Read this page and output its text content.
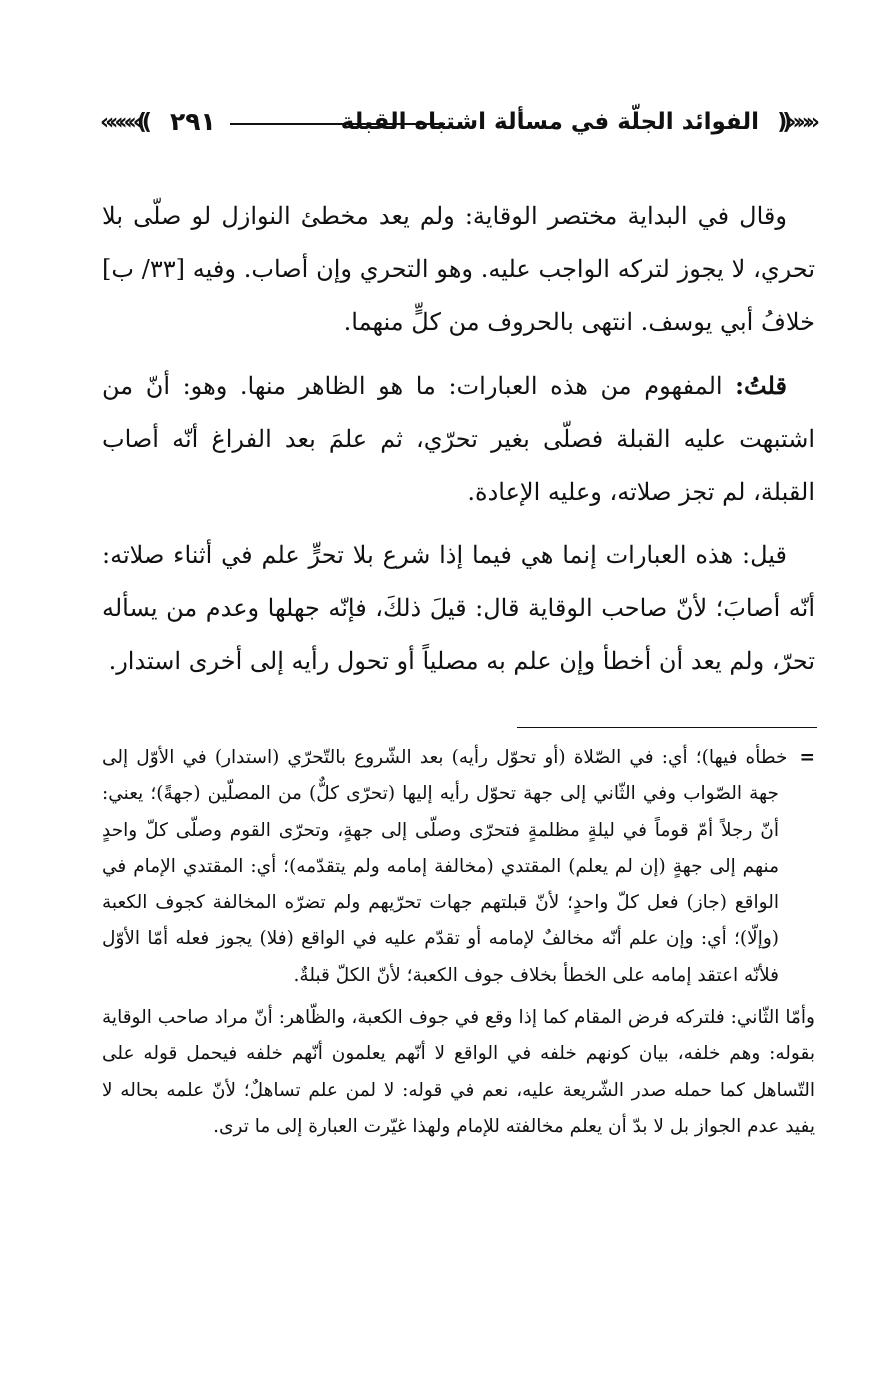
«««((
الفوائد الجلّة في مسألة اشتباه القبلة
٢٩١
))»»»»

وقال في البداية مختصر الوقاية: ولم يعد مخطئ النوازل لو صلّى بلا تحري، لا يجوز لتركه الواجب عليه. وهو التحري وإن أصاب. وفيه [٣٣/ ب] خلافُ أبي يوسف. انتهى بالحروف من كلٍّ منهما.

قلتُ: المفهوم من هذه العبارات: ما هو الظاهر منها. وهو: أنّ من اشتبهت عليه القبلة فصلّى بغير تحرّي، ثم علمَ بعد الفراغ أنّه أصاب القبلة، لم تجز صلاته، وعليه الإعادة.

قيل: هذه العبارات إنما هي فيما إذا شرع بلا تحرٍّ علم في أثناء صلاته: أنّه أصابَ؛ لأنّ صاحب الوقاية قال: قيلَ ذلكَ، فإنّه جهلها وعدم من يسأله تحرّ، ولم يعد أن أخطأ وإن علم به مصلياً أو تحول رأيه إلى أخرى استدار.

=خطأه فيها)؛ أي: في الصّلاة (أو تحوّل رأيه) بعد الشّروع بالتّحرّي (استدار) في الأوّل إلى جهة الصّواب وفي الثّاني إلى جهة تحوّل رأيه إليها (تحرّى كلٌّ) من المصلّين (جهةً)؛ يعني: أنّ رجلاً أمّ قوماً في ليلةٍ مظلمةٍ فتحرّى وصلّى إلى جهةٍ، وتحرّى القوم وصلّى كلّ واحدٍ منهم إلى جهةٍ (إن لم يعلم) المقتدي (مخالفة إمامه ولم يتقدّمه)؛ أي: المقتدي الإمام في الواقع (جاز) فعل كلّ واحدٍ؛ لأنّ قبلتهم جهات تحرّيهم ولم تضرّه المخالفة كجوف الكعبة (وإلّا)؛ أي: وإن علم أنّه مخالفٌ لإمامه أو تقدّم عليه في الواقع (فلا) يجوز فعله أمّا الأوّل فلأنّه اعتقد إمامه على الخطأ بخلاف جوف الكعبة؛ لأنّ الكلّ قبلةٌ.

وأمّا الثّاني: فلتركه فرض المقام كما إذا وقع في جوف الكعبة، والظّاهر: أنّ مراد صاحب الوقاية بقوله: وهم خلفه، بيان كونهم خلفه في الواقع لا أنّهم يعلمون أنّهم خلفه فيحمل قوله على التّساهل كما حمله صدر الشّريعة عليه، نعم في قوله: لا لمن علم تساهلٌ؛ لأنّ علمه بحاله لا يفيد عدم الجواز بل لا بدّ أن يعلم مخالفته للإمام ولهذا غيّرت العبارة إلى ما ترى.
